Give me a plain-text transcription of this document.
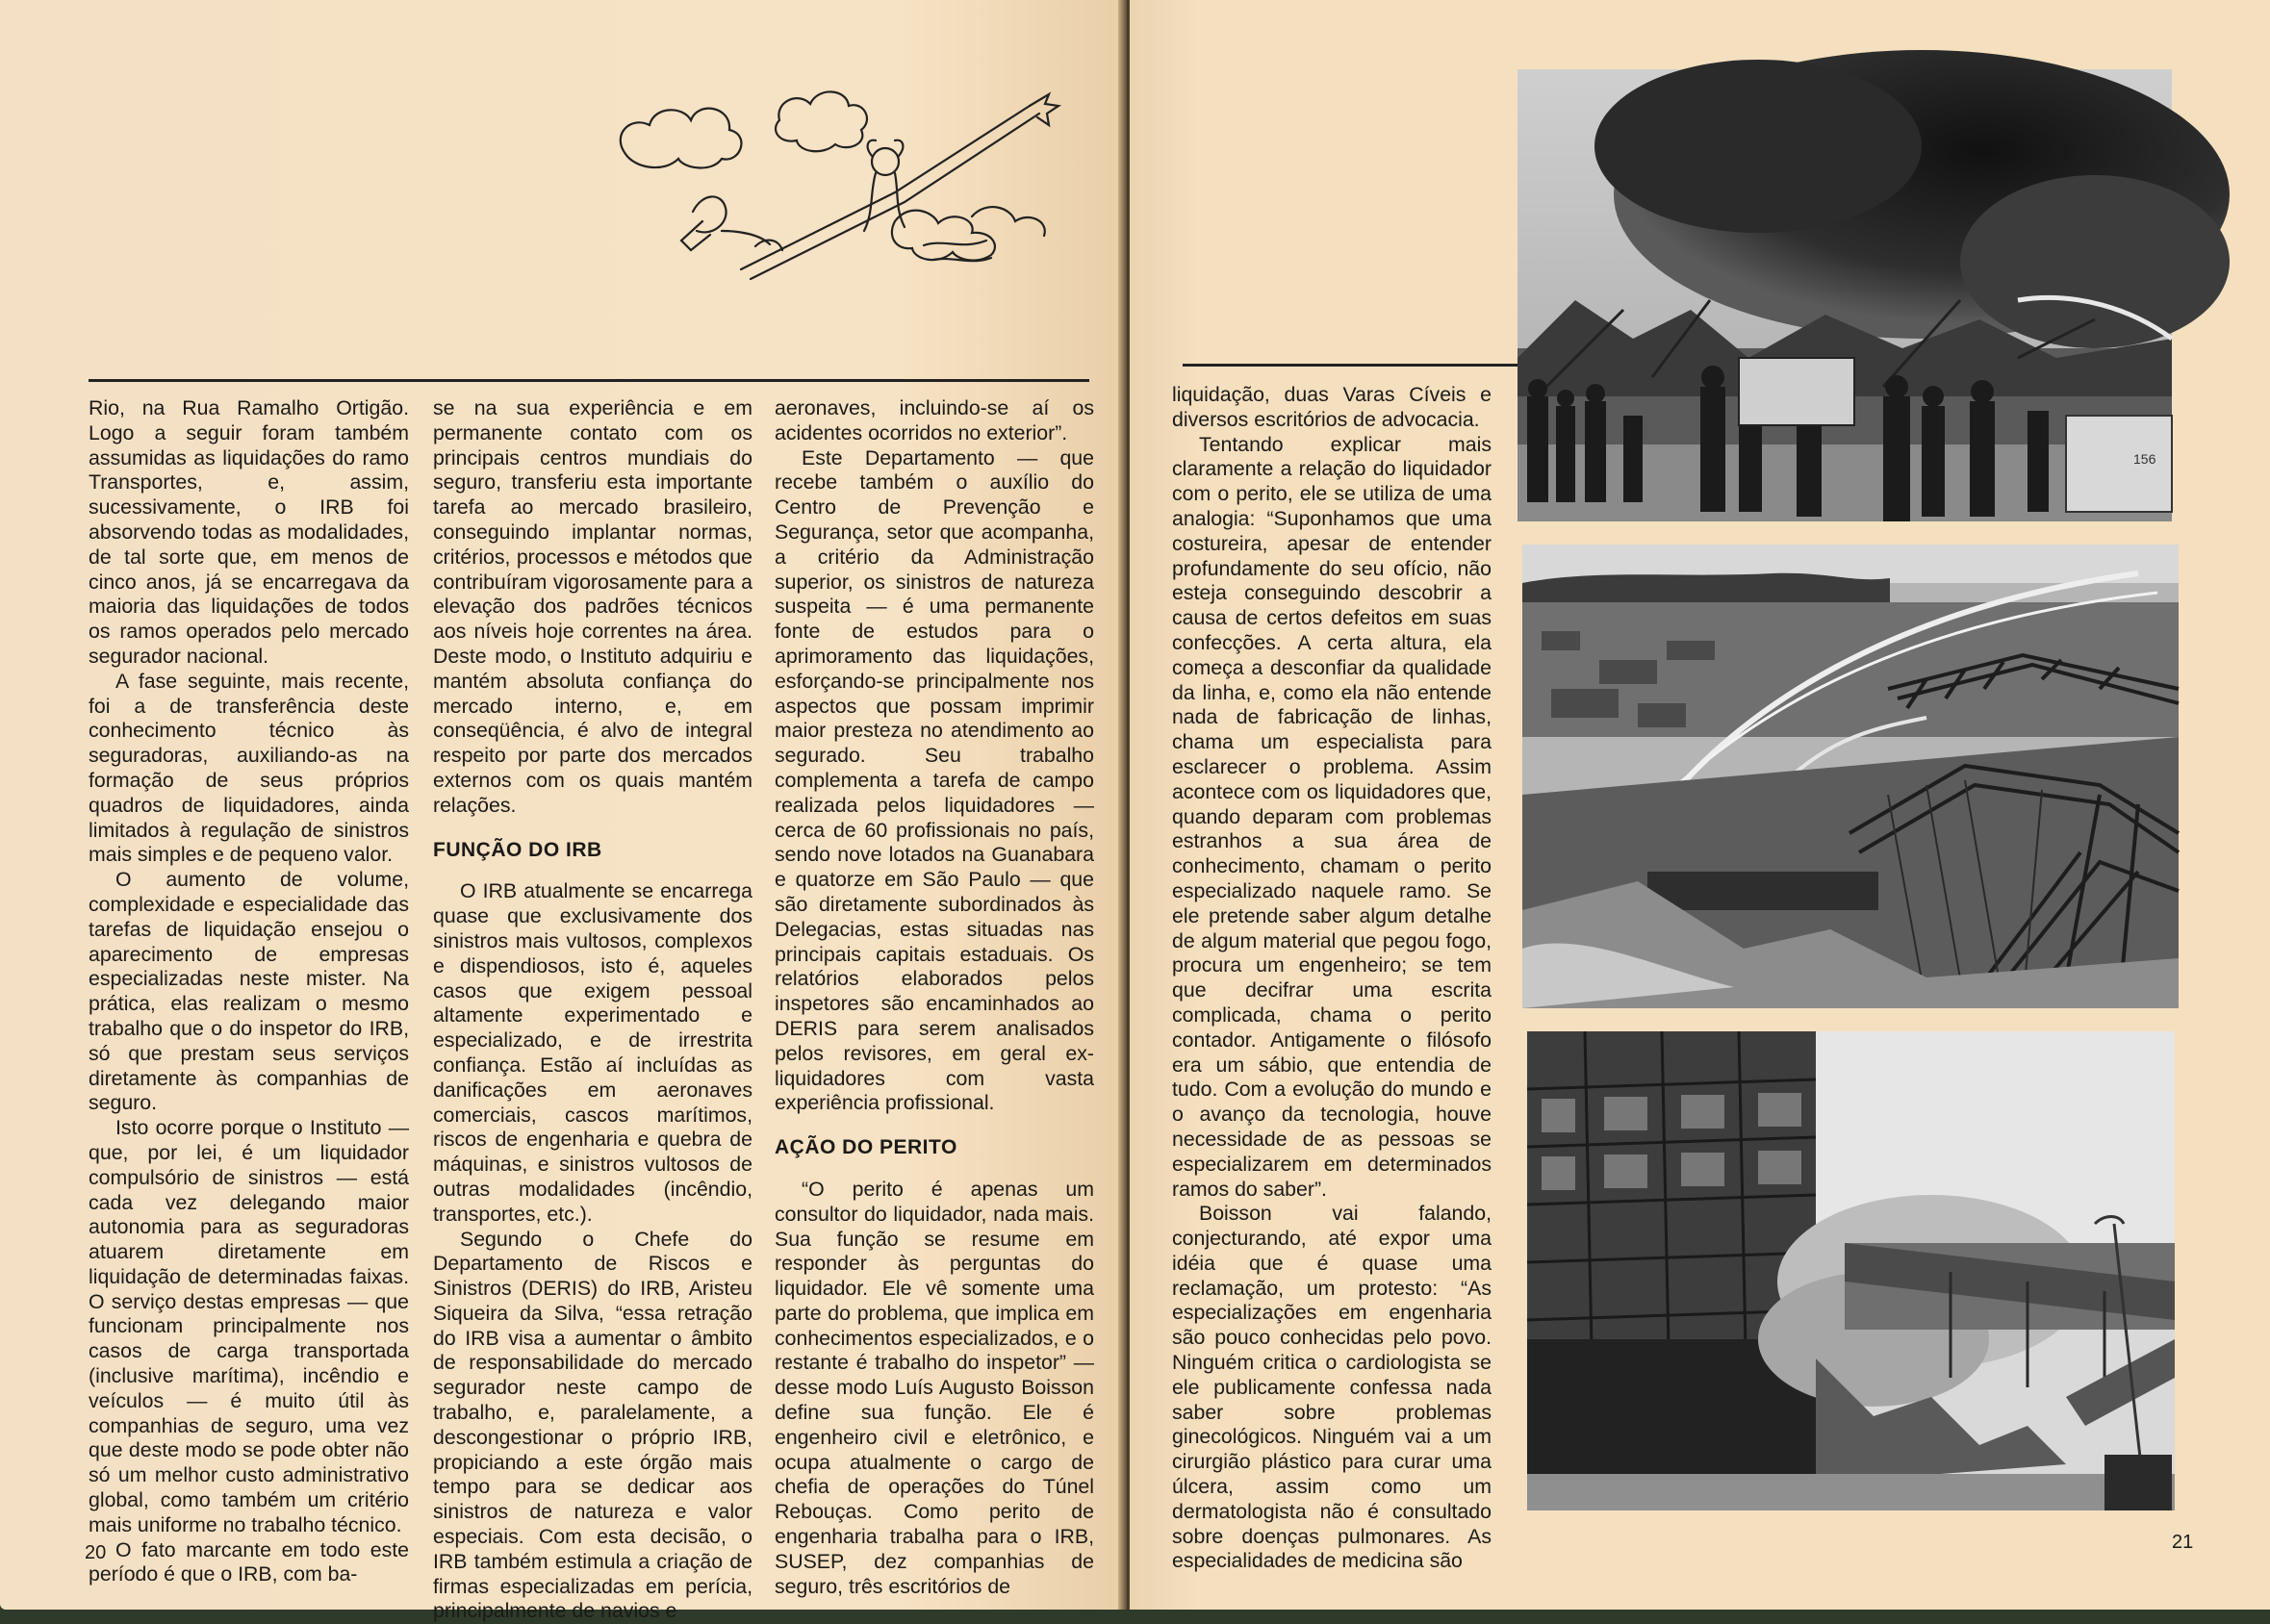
Rio, na Rua Ramalho Ortigão. Logo a seguir foram também assumidas as liquidações do ramo Transportes, e, assim, sucessivamente, o IRB foi absorvendo todas as modalidades, de tal sorte que, em menos de cinco anos, já se encarregava da maioria das liquidações de todos os ramos operados pelo mercado segurador nacional.

A fase seguinte, mais recente, foi a de transferência deste conhecimento técnico às seguradoras, auxiliando-as na formação de seus próprios quadros de liquidadores, ainda limitados à regulação de sinistros mais simples e de pequeno valor.

O aumento de volume, complexidade e especialidade das tarefas de liquidação ensejou o aparecimento de empresas especializadas neste mister. Na prática, elas realizam o mesmo trabalho que o do inspetor do IRB, só que prestam seus serviços diretamente às companhias de seguro.

Isto ocorre porque o Instituto — que, por lei, é um liquidador compulsório de sinistros — está cada vez delegando maior autonomia para as seguradoras atuarem diretamente em liquidação de determinadas faixas. O serviço destas empresas — que funcionam principalmente nos casos de carga transportada (inclusive marítima), incêndio e veículos — é muito útil às companhias de seguro, uma vez que deste modo se pode obter não só um melhor custo administrativo global, como também um critério mais uniforme no trabalho técnico.

O fato marcante em todo este período é que o IRB, com ba-

se na sua experiência e em permanente contato com os principais centros mundiais do seguro, transferiu esta importante tarefa ao mercado brasileiro, conseguindo implantar normas, critérios, processos e métodos que contribuíram vigorosamente para a elevação dos padrões técnicos aos níveis hoje correntes na área. Deste modo, o Instituto adquiriu e mantém absoluta confiança do mercado interno, e, em conseqüência, é alvo de integral respeito por parte dos mercados externos com os quais mantém relações.

FUNÇÃO DO IRB

O IRB atualmente se encarrega quase que exclusivamente dos sinistros mais vultosos, complexos e dispendiosos, isto é, aqueles casos que exigem pessoal altamente experimentado e especializado, e de irrestrita confiança. Estão aí incluídas as danificações em aeronaves comerciais, cascos marítimos, riscos de engenharia e quebra de máquinas, e sinistros vultosos de outras modalidades (incêndio, transportes, etc.).

Segundo o Chefe do Departamento de Riscos e Sinistros (DERIS) do IRB, Aristeu Siqueira da Silva, “essa retração do IRB visa a aumentar o âmbito de responsabilidade do mercado segurador neste campo de trabalho, e, paralelamente, a descongestionar o próprio IRB, propiciando a este órgão mais tempo para se dedicar aos sinistros de natureza e valor especiais. Com esta decisão, o IRB também estimula a criação de firmas especializadas em perícia, principalmente de navios e

aeronaves, incluindo-se aí os acidentes ocorridos no exterior”.

Este Departamento — que recebe também o auxílio do Centro de Prevenção e Segurança, setor que acompanha, a critério da Administração superior, os sinistros de natureza suspeita — é uma permanente fonte de estudos para o aprimoramento das liquidações, esforçando-se principalmente nos aspectos que possam imprimir maior presteza no atendimento ao segurado. Seu trabalho complementa a tarefa de campo realizada pelos liquidadores — cerca de 60 profissionais no país, sendo nove lotados na Guanabara e quatorze em São Paulo — que são diretamente subordinados às Delegacias, estas situadas nas principais capitais estaduais. Os relatórios elaborados pelos inspetores são encaminhados ao DERIS para serem analisados pelos revisores, em geral ex-liquidadores com vasta experiência profissional.

AÇÃO DO PERITO

“O perito é apenas um consultor do liquidador, nada mais. Sua função se resume em responder às perguntas do liquidador. Ele vê somente uma parte do problema, que implica em conhecimentos especializados, e o restante é trabalho do inspetor” — desse modo Luís Augusto Boisson define sua função. Ele é engenheiro civil e eletrônico, e ocupa atualmente o cargo de chefia de operações do Túnel Rebouças. Como perito de engenharia trabalha para o IRB, SUSEP, dez companhias de seguro, três escritórios de

20

liquidação, duas Varas Cíveis e diversos escritórios de advocacia.

Tentando explicar mais claramente a relação do liquidador com o perito, ele se utiliza de uma analogia: “Suponhamos que uma costureira, apesar de entender profundamente do seu ofício, não esteja conseguindo descobrir a causa de certos defeitos em suas confecções. A certa altura, ela começa a desconfiar da qualidade da linha, e, como ela não entende nada de fabricação de linhas, chama um especialista para esclarecer o problema. Assim acontece com os liquidadores que, quando deparam com problemas estranhos a sua área de conhecimento, chamam o perito especializado naquele ramo. Se ele pretende saber algum detalhe de algum material que pegou fogo, procura um engenheiro; se tem que decifrar uma escrita complicada, chama o perito contador. Antigamente o filósofo era um sábio, que entendia de tudo. Com a evolução do mundo e o avanço da tecnologia, houve necessidade de as pessoas se especializarem em determinados ramos do saber”.

Boisson vai falando, conjecturando, até expor uma idéia que é quase uma reclamação, um protesto: “As especializações em engenharia são pouco conhecidas pelo povo. Ninguém critica o cardiologista se ele publicamente confessa nada saber sobre problemas ginecológicos. Ninguém vai a um cirurgião plástico para curar uma úlcera, assim como um dermatologista não é consultado sobre doenças pulmonares. As especialidades de medicina são

156
21
